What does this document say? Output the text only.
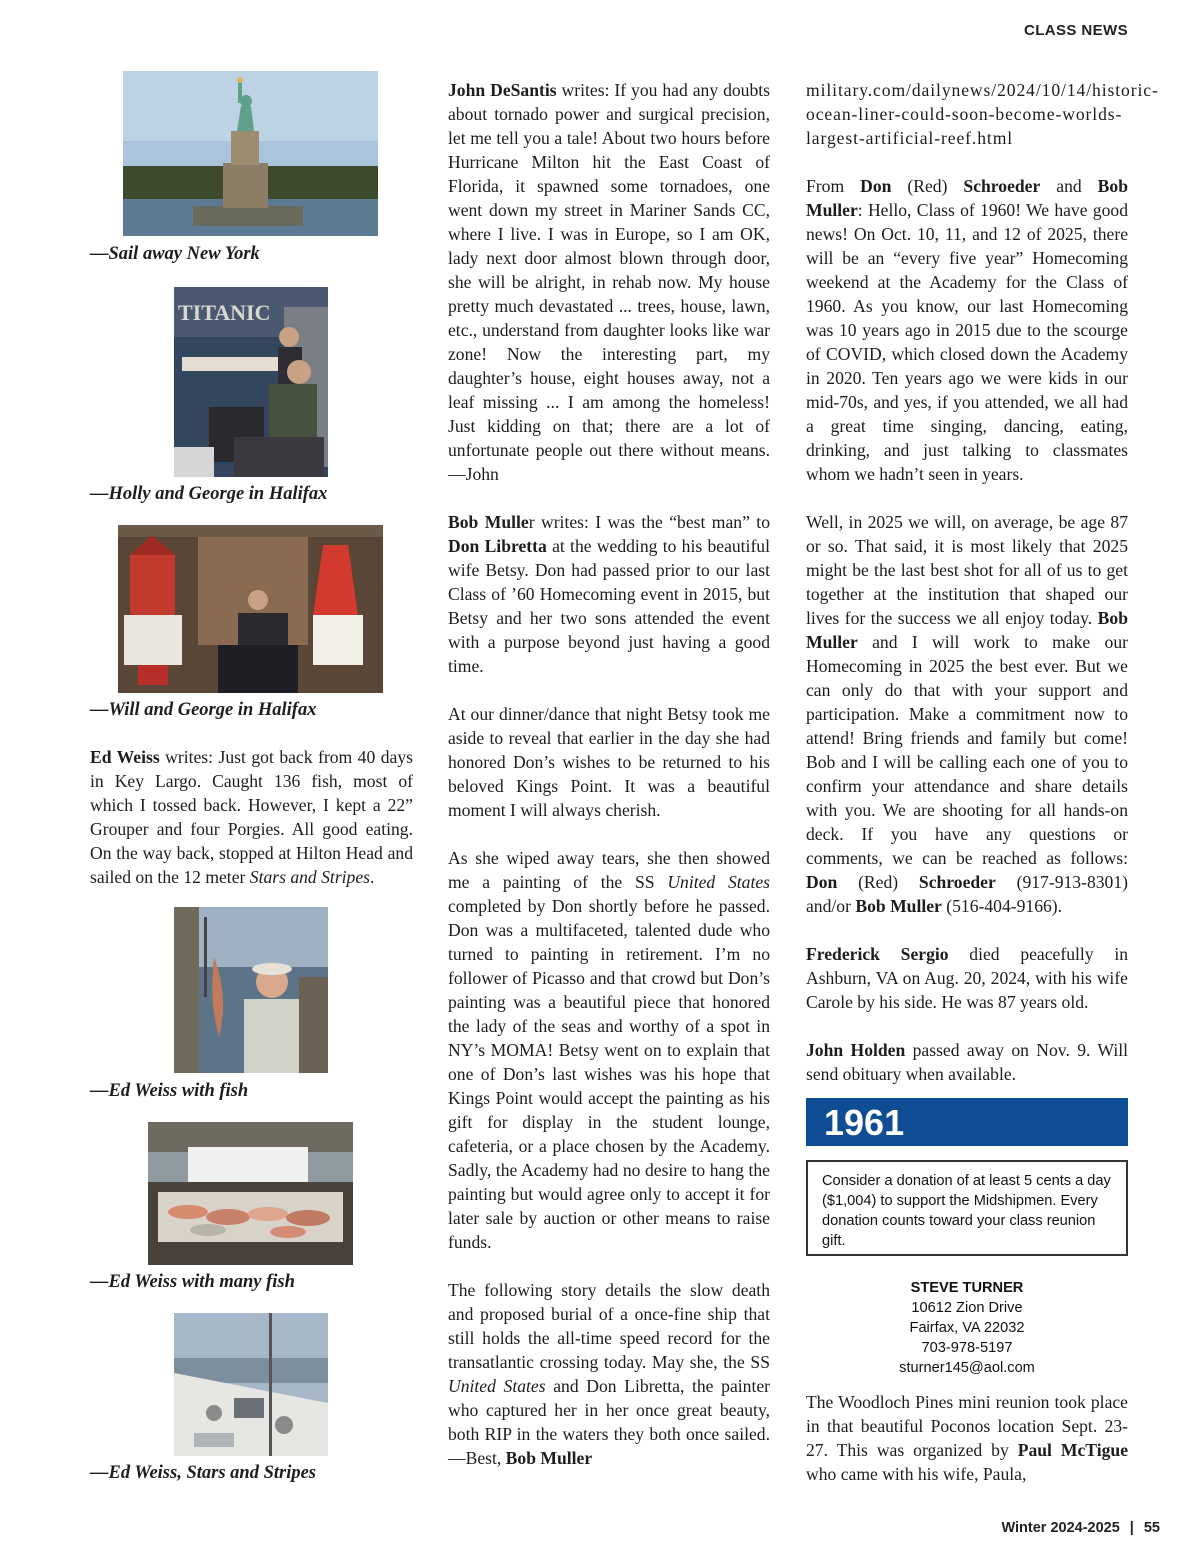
CLASS NEWS
—Sail away New York
TITANIC
—Holly and George in Halifax
—Will and George in Halifax

Ed Weiss writes: Just got back from 40 days in Key Largo. Caught 136 fish, most of which I tossed back. However, I kept a 22” Grouper and four Porgies. All good eating. On the way back, stopped at Hilton Head and sailed on the 12 meter Stars and Stripes.

—Ed Weiss with fish
—Ed Weiss with many fish
—Ed Weiss, Stars and Stripes

John DeSantis writes: If you had any doubts about tornado power and surgical precision, let me tell you a tale! About two hours before Hurricane Milton hit the East Coast of Florida, it spawned some tornadoes, one went down my street in Mariner Sands CC, where I live. I was in Europe, so I am OK, lady next door almost blown through door, she will be alright, in rehab now. My house pretty much devastated ... trees, house, lawn, etc., understand from daughter looks like war zone! Now the interesting part, my daughter’s house, eight houses away, not a leaf missing ... I am among the homeless! Just kidding on that; there are a lot of unfortunate people out there without means. —John

Bob Muller writes: I was the “best man” to Don Libretta at the wedding to his beautiful wife Betsy. Don had passed prior to our last Class of ’60 Homecoming event in 2015, but Betsy and her two sons attended the event with a purpose beyond just having a good time.

At our dinner/dance that night Betsy took me aside to reveal that earlier in the day she had honored Don’s wishes to be returned to his beloved Kings Point. It was a beautiful moment I will always cherish.

As she wiped away tears, she then showed me a painting of the SS United States completed by Don shortly before he passed. Don was a multifaceted, talented dude who turned to painting in retirement. I’m no follower of Picasso and that crowd but Don’s painting was a beautiful piece that honored the lady of the seas and worthy of a spot in NY’s MOMA! Betsy went on to explain that one of Don’s last wishes was his hope that Kings Point would accept the painting as his gift for display in the student lounge, cafeteria, or a place chosen by the Academy. Sadly, the Academy had no desire to hang the painting but would agree only to accept it for later sale by auction or other means to raise funds.

The following story details the slow death and proposed burial of a once-fine ship that still holds the all-time speed record for the transatlantic crossing today. May she, the SS United States and Don Libretta, the painter who captured her in her once great beauty, both RIP in the waters they both once sailed. —Best, Bob Muller

military.com/dailynews/2024/10/14/historic-ocean-liner-could-soon-become-worlds-largest-artificial-reef.html

From Don (Red) Schroeder and Bob Muller: Hello, Class of 1960! We have good news! On Oct. 10, 11, and 12 of 2025, there will be an “every five year” Homecoming weekend at the Academy for the Class of 1960. As you know, our last Homecoming was 10 years ago in 2015 due to the scourge of COVID, which closed down the Academy in 2020. Ten years ago we were kids in our mid-70s, and yes, if you attended, we all had a great time singing, dancing, eating, drinking, and just talking to classmates whom we hadn’t seen in years.

Well, in 2025 we will, on average, be age 87 or so. That said, it is most likely that 2025 might be the last best shot for all of us to get together at the institution that shaped our lives for the success we all enjoy today. Bob Muller and I will work to make our Homecoming in 2025 the best ever. But we can only do that with your support and participation. Make a commitment now to attend! Bring friends and family but come! Bob and I will be calling each one of you to confirm your attendance and share details with you. We are shooting for all hands-on deck. If you have any questions or comments, we can be reached as follows: Don (Red) Schroeder (917-913-8301) and/or Bob Muller (516-404-9166).

Frederick Sergio died peacefully in Ashburn, VA on Aug. 20, 2024, with his wife Carole by his side. He was 87 years old.

John Holden passed away on Nov. 9. Will send obituary when available.

1961
Consider a donation of at least 5 cents a day ($1,004) to support the Midshipmen. Every donation counts toward your class reunion gift.
STEVE TURNER
10612 Zion Drive
Fairfax, VA 22032
703-978-5197
sturner145@aol.com
The Woodloch Pines mini reunion took place in that beautiful Poconos location Sept. 23-27. This was organized by Paul McTigue who came with his wife, Paula,
Winter 2024-2025 | 55
